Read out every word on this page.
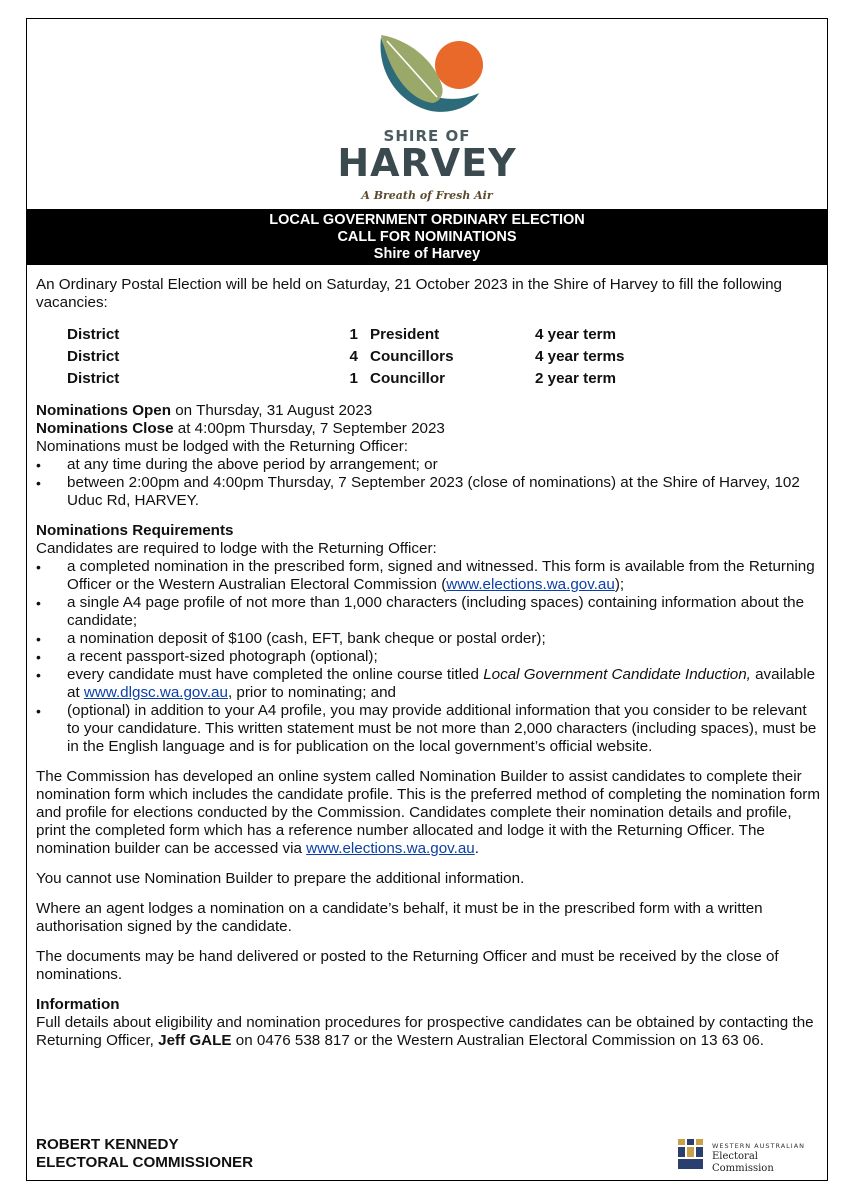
SHIRE OF
HARVEY
A Breath of Fresh Air
LOCAL GOVERNMENT ORDINARY ELECTION
CALL FOR NOMINATIONS
Shire of Harvey
An Ordinary Postal Election will be held on Saturday, 21 October 2023 in the Shire of Harvey to fill the following vacancies:
District	1 President	4 year term
District	4 Councillors	4 year terms
District	1 Councillor	2 year term
Nominations Open on Thursday, 31 August 2023
Nominations Close at 4:00pm Thursday, 7 September 2023
Nominations must be lodged with the Returning Officer:
• at any time during the above period by arrangement; or
• between 2:00pm and 4:00pm Thursday, 7 September 2023 (close of nominations) at the Shire of Harvey, 102 Uduc Rd, HARVEY.
Nominations Requirements
Candidates are required to lodge with the Returning Officer:
• a completed nomination in the prescribed form, signed and witnessed. This form is available from the Returning Officer or the Western Australian Electoral Commission (www.elections.wa.gov.au);
• a single A4 page profile of not more than 1,000 characters (including spaces) containing information about the candidate;
• a nomination deposit of $100 (cash, EFT, bank cheque or postal order);
• a recent passport-sized photograph (optional);
• every candidate must have completed the online course titled Local Government Candidate Induction, available at www.dlgsc.wa.gov.au, prior to nominating; and
• (optional) in addition to your A4 profile, you may provide additional information that you consider to be relevant to your candidature. This written statement must be not more than 2,000 characters (including spaces), must be in the English language and is for publication on the local government’s official website.
The Commission has developed an online system called Nomination Builder to assist candidates to complete their nomination form which includes the candidate profile. This is the preferred method of completing the nomination form and profile for elections conducted by the Commission. Candidates complete their nomination details and profile, print the completed form which has a reference number allocated and lodge it with the Returning Officer. The nomination builder can be accessed via www.elections.wa.gov.au.
You cannot use Nomination Builder to prepare the additional information.
Where an agent lodges a nomination on a candidate’s behalf, it must be in the prescribed form with a written authorisation signed by the candidate.
The documents may be hand delivered or posted to the Returning Officer and must be received by the close of nominations.
Information
Full details about eligibility and nomination procedures for prospective candidates can be obtained by contacting the Returning Officer, Jeff GALE on 0476 538 817 or the Western Australian Electoral Commission on 13 63 06.
ROBERT KENNEDY
ELECTORAL COMMISSIONER
WESTERN AUSTRALIAN
Electoral Commission
